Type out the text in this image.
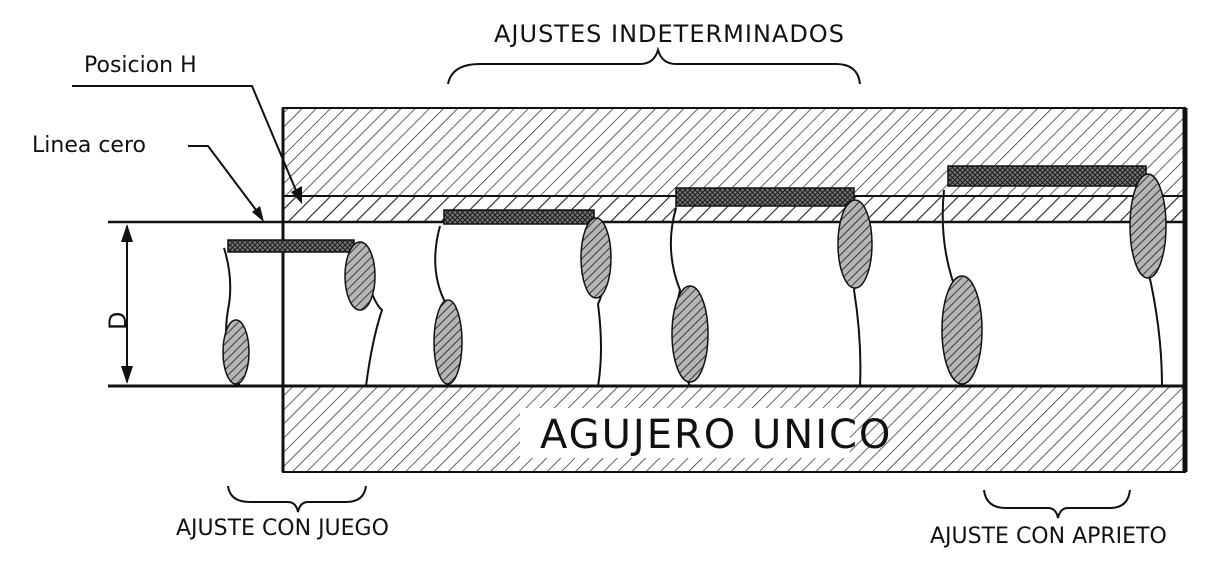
AGUJERO UNICO
D
AJUSTES INDETERMINADOS
Posicion H
Linea cero
AJUSTE CON JUEGO	AJUSTE CON APRIETO
